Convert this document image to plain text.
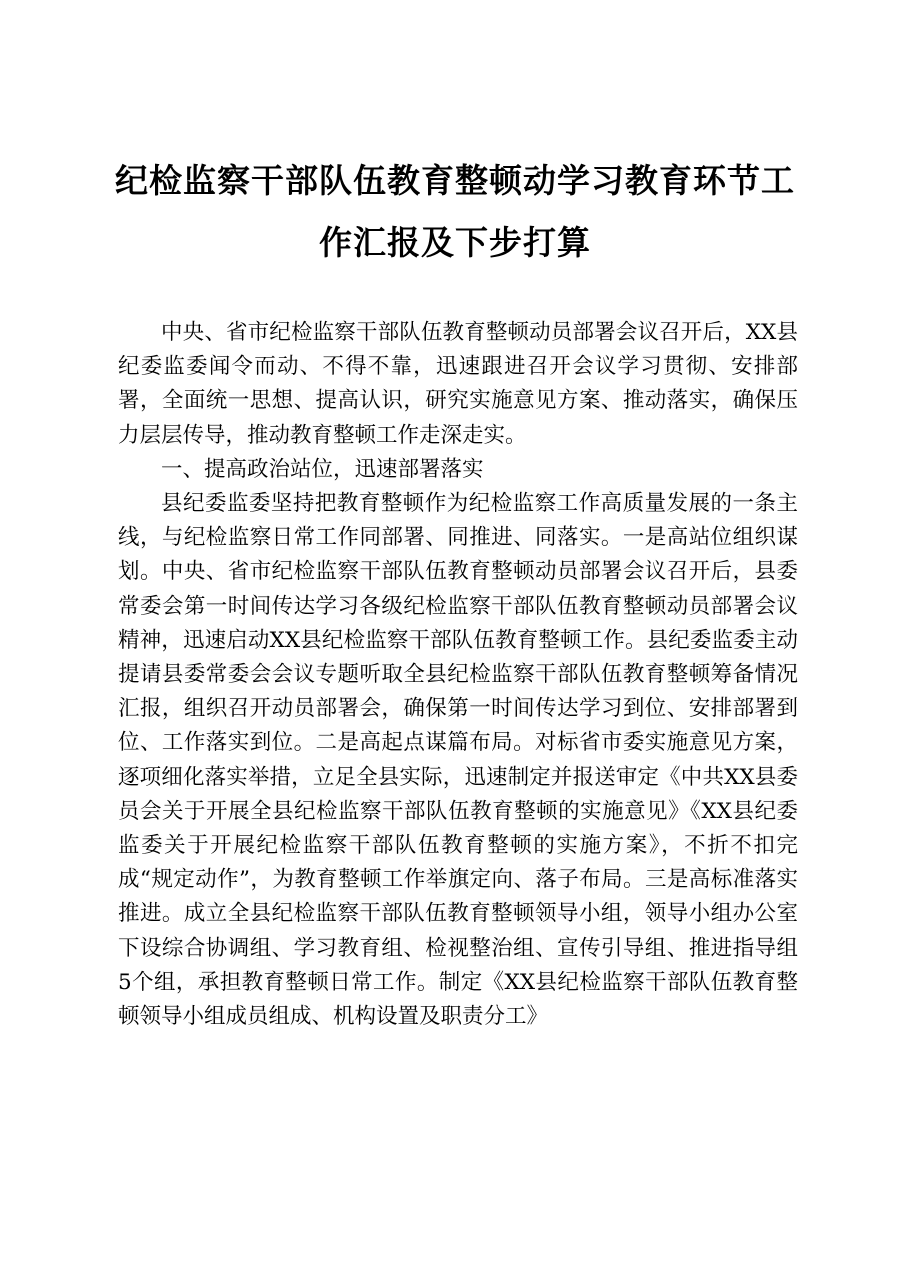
纪检监察干部队伍教育整顿动学习教育环节工作汇报及下步打算

中央、省市纪检监察干部队伍教育整顿动员部署会议召开后，XX县纪委监委闻令而动、不得不靠，迅速跟进召开会议学习贯彻、安排部署，全面统一思想、提高认识，研究实施意见方案、推动落实，确保压力层层传导，推动教育整顿工作走深走实。

一、提高政治站位，迅速部署落实

县纪委监委坚持把教育整顿作为纪检监察工作高质量发展的一条主线，与纪检监察日常工作同部署、同推进、同落实。一是高站位组织谋划。中央、省市纪检监察干部队伍教育整顿动员部署会议召开后，县委常委会第一时间传达学习各级纪检监察干部队伍教育整顿动员部署会议精神，迅速启动XX县纪检监察干部队伍教育整顿工作。县纪委监委主动提请县委常委会会议专题听取全县纪检监察干部队伍教育整顿筹备情况汇报，组织召开动员部署会，确保第一时间传达学习到位、安排部署到位、工作落实到位。二是高起点谋篇布局。对标省市委实施意见方案，逐项细化落实举措，立足全县实际，迅速制定并报送审定《中共XX县委员会关于开展全县纪检监察干部队伍教育整顿的实施意见》《XX县纪委监委关于开展纪检监察干部队伍教育整顿的实施方案》，不折不扣完成“规定动作”，为教育整顿工作举旗定向、落子布局。三是高标准落实推进。成立全县纪检监察干部队伍教育整顿领导小组，领导小组办公室下设综合协调组、学习教育组、检视整治组、宣传引导组、推进指导组5个组，承担教育整顿日常工作。制定《XX县纪检监察干部队伍教育整顿领导小组成员组成、机构设置及职责分工》
